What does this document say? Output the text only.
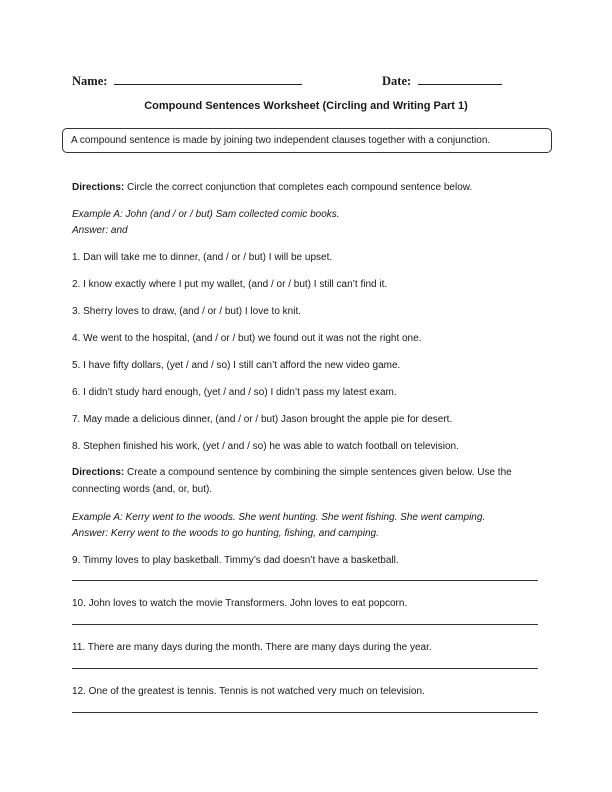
Name:	Date:
Compound Sentences Worksheet (Circling and Writing Part 1)
A compound sentence is made by joining two independent clauses together with a conjunction.
Directions: Circle the correct conjunction that completes each compound sentence below.
Example A: John (and / or / but) Sam collected comic books.
Answer: and
1. Dan will take me to dinner, (and / or / but) I will be upset.
2. I know exactly where I put my wallet, (and / or / but) I still can’t find it.
3. Sherry loves to draw, (and / or / but) I love to knit.
4. We went to the hospital, (and / or / but) we found out it was not the right one.
5. I have fifty dollars, (yet / and / so) I still can’t afford the new video game.
6. I didn’t study hard enough, (yet / and / so) I didn’t pass my latest exam.
7. May made a delicious dinner, (and / or / but) Jason brought the apple pie for desert.
8. Stephen finished his work, (yet / and / so) he was able to watch football on television.
Directions: Create a compound sentence by combining the simple sentences given below. Use the connecting words (and, or, but).
Example A: Kerry went to the woods. She went hunting. She went fishing. She went camping.
Answer: Kerry went to the woods to go hunting, fishing, and camping.
9. Timmy loves to play basketball. Timmy’s dad doesn’t have a basketball.
10. John loves to watch the movie Transformers. John loves to eat popcorn.
11. There are many days during the month. There are many days during the year.
12. One of the greatest is tennis. Tennis is not watched very much on television.
